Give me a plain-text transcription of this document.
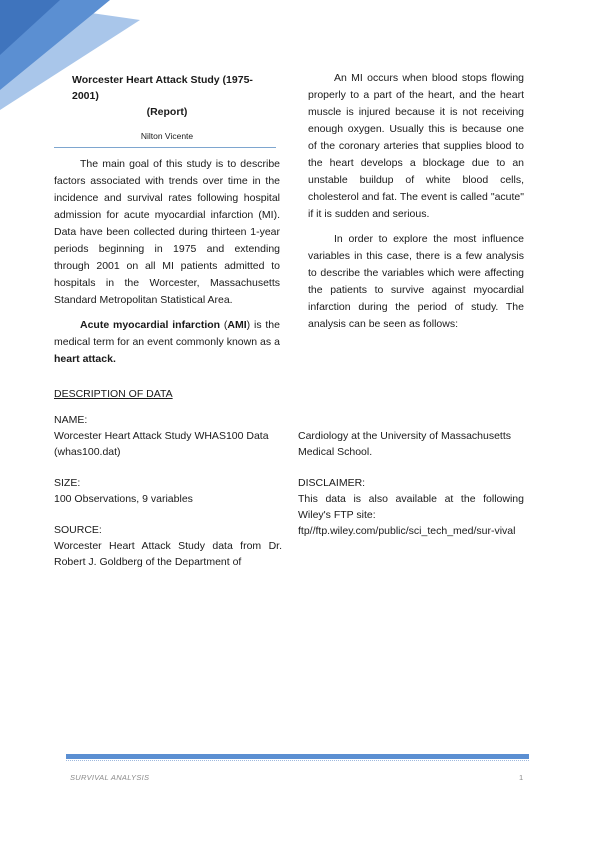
Worcester Heart Attack Study (1975-2001)
(Report)
Nilton Vicente

The main goal of this study is to describe factors associated with trends over time in the incidence and survival rates following hospital admission for acute myocardial infarction (MI). Data have been collected during thirteen 1-year periods beginning in 1975 and extending through 2001 on all MI patients admitted to hospitals in the Worcester, Massachusetts Standard Metropolitan Statistical Area.

Acute myocardial infarction (AMI) is the medical term for an event commonly known as a heart attack.

An MI occurs when blood stops flowing properly to a part of the heart, and the heart muscle is injured because it is not receiving enough oxygen. Usually this is because one of the coronary arteries that supplies blood to the heart develops a blockage due to an unstable buildup of white blood cells, cholesterol and fat. The event is called "acute" if it is sudden and serious.

In order to explore the most influence variables in this case, there is a few analysis to describe the variables which were affecting the patients to survive against myocardial infarction during the period of study. The analysis can be seen as follows:

DESCRIPTION OF DATA
NAME:
Worcester Heart Attack Study WHAS100 Data (whas100.dat)
SIZE:
100 Observations, 9 variables
SOURCE:
Worcester Heart Attack Study data from Dr. Robert J. Goldberg of the Department of
Cardiology at the University of Massachusetts Medical School.
DISCLAIMER:
This data is also available at the following Wiley's FTP site:
ftp//ftp.wiley.com/public/sci_tech_med/sur-vival
SURVIVAL ANALYSIS	1
